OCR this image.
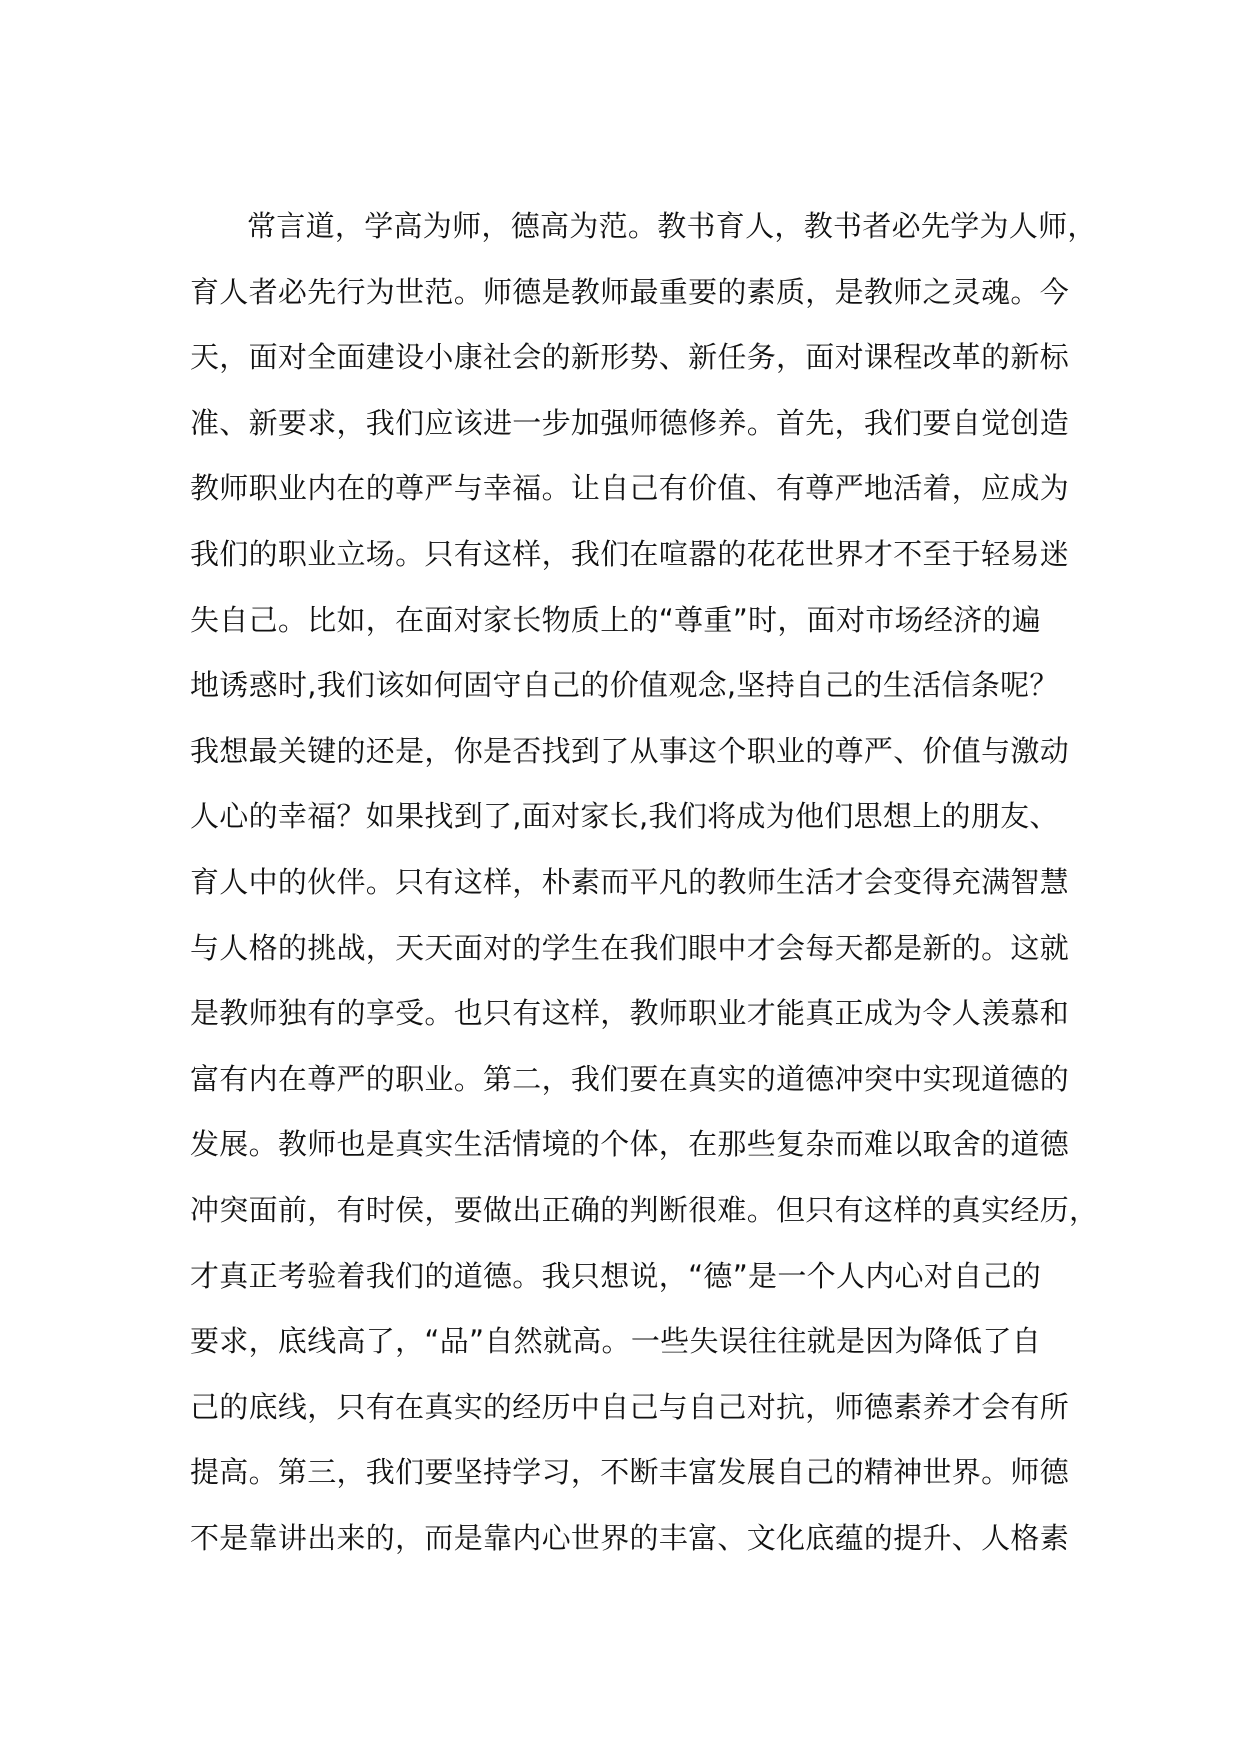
常言道，学高为师，德高为范。教书育人，教书者必先学为人师，
育人者必先行为世范。师德是教师最重要的素质，是教师之灵魂。今
天，面对全面建设小康社会的新形势、新任务，面对课程改革的新标
准、新要求，我们应该进一步加强师德修养。首先，我们要自觉创造
教师职业内在的尊严与幸福。让自己有价值、有尊严地活着，应成为
我们的职业立场。只有这样，我们在喧嚣的花花世界才不至于轻易迷
失自己。比如，在面对家长物质上的“尊重”时，面对市场经济的遍
地诱惑时,我们该如何固守自己的价值观念,坚持自己的生活信条呢？
我想最关键的还是，你是否找到了从事这个职业的尊严、价值与激动
人心的幸福？如果找到了,面对家长,我们将成为他们思想上的朋友、
育人中的伙伴。只有这样，朴素而平凡的教师生活才会变得充满智慧
与人格的挑战，天天面对的学生在我们眼中才会每天都是新的。这就
是教师独有的享受。也只有这样，教师职业才能真正成为令人羡慕和
富有内在尊严的职业。第二，我们要在真实的道德冲突中实现道德的
发展。教师也是真实生活情境的个体，在那些复杂而难以取舍的道德
冲突面前，有时侯，要做出正确的判断很难。但只有这样的真实经历，
才真正考验着我们的道德。我只想说，“德”是一个人内心对自己的
要求，底线高了，“品”自然就高。一些失误往往就是因为降低了自
己的底线，只有在真实的经历中自己与自己对抗，师德素养才会有所
提高。第三，我们要坚持学习，不断丰富发展自己的精神世界。师德
不是靠讲出来的，而是靠内心世界的丰富、文化底蕴的提升、人格素
